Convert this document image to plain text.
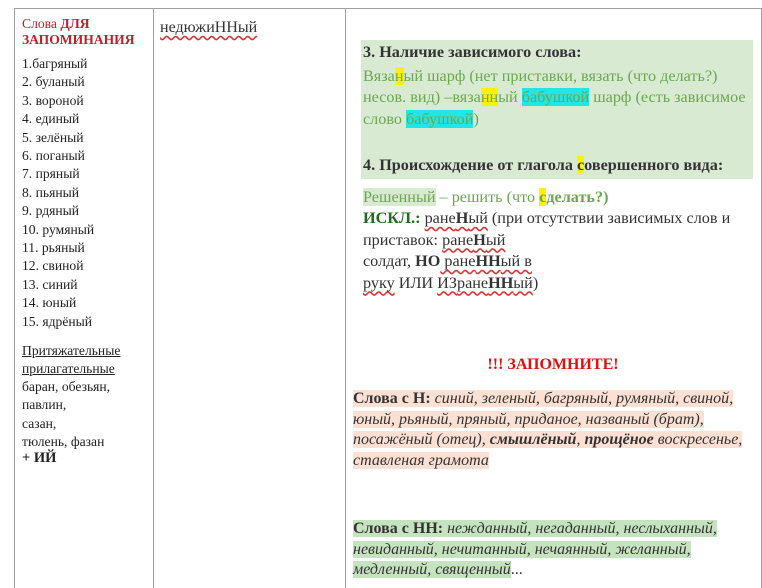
Слова ДЛЯ ЗАПОМИНАНИЯ
1.багряный
2. буланый
3. вороной
4. единый
5. зелёный
6. поганый
7. пряный
8. пьяный
9. рдяный
10. румяный
11. рьяный
12. свиной
13. синий
14. юный
15. ядрёный
Притяжательные прилагательные
баран, обезьян,
павлин,
сазан,
тюлень, фазан
+ ИЙ
недюжиННый
3. Наличие зависимого слова:
Вязаный шарф (нет приставки, вязать (что делать?) несов. вид) –вязанный бабушкой шарф (есть зависимое слово бабушкой)
4. Происхождение от глагола совершенного вида:
Решенный – решить (что сделать?)
ИСКЛ.: ранеНый (при отсутствии зависимых слов и приставок: ранеНый
солдат, НО ранеННый в
руку ИЛИ ИЗранеННый)
!!! ЗАПОМНИТЕ!
Слова с Н: синий, зеленый, багряный, румяный, свиной, юный, рьяный, пряный, приданое, названый (брат), посажёный (отец), смышлёный, прощёное воскресенье, ставленая грамота
Слова с НН: нежданный, негаданный, неслыханный, невиданный, нечитанный, нечаянный, желанный, медленный, священный...
